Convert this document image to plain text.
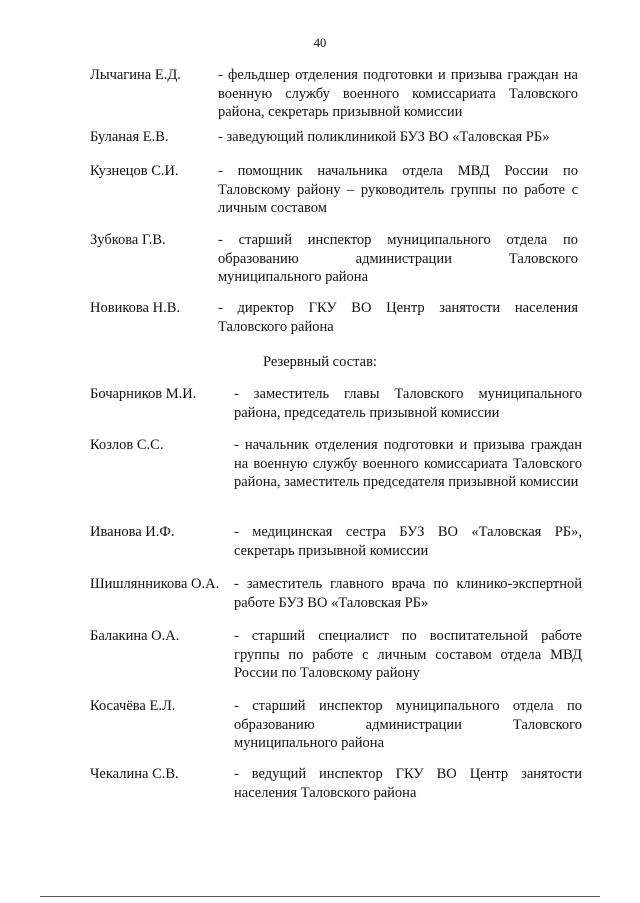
40
Лычагина Е.Д.	- фельдшер отделения подготовки и призыва граждан на военную службу военного комиссариата Таловского района, секретарь призывной комиссии
Буланая Е.В.	- заведующий поликлиникой БУЗ ВО «Таловская РБ»
Кузнецов С.И.	- помощник начальника отдела МВД России по Таловскому району – руководитель группы по работе с личным составом
Зубкова Г.В.	- старший инспектор муниципального отдела по образованию администрации Таловского муниципального района
Новикова Н.В.	- директор ГКУ ВО Центр занятости населения Таловского района
Резервный состав:
Бочарников М.И.	- заместитель главы Таловского муниципального района, председатель призывной комиссии
Козлов С.С.	- начальник отделения подготовки и призыва граждан на военную службу военного комиссариата Таловского района, заместитель председателя призывной комиссии
Иванова И.Ф.	- медицинская сестра БУЗ ВО «Таловская РБ», секретарь призывной комиссии
Шишлянникова О.А. - заместитель главного врача по клинико-экспертной работе БУЗ ВО «Таловская РБ»
Балакина О.А.	- старший специалист по воспитательной работе группы по работе с личным составом отдела МВД России по Таловскому району
Косачёва Е.Л.	- старший инспектор муниципального отдела по образованию администрации Таловского муниципального района
Чекалина С.В.	- ведущий инспектор ГКУ ВО Центр занятости населения Таловского района
